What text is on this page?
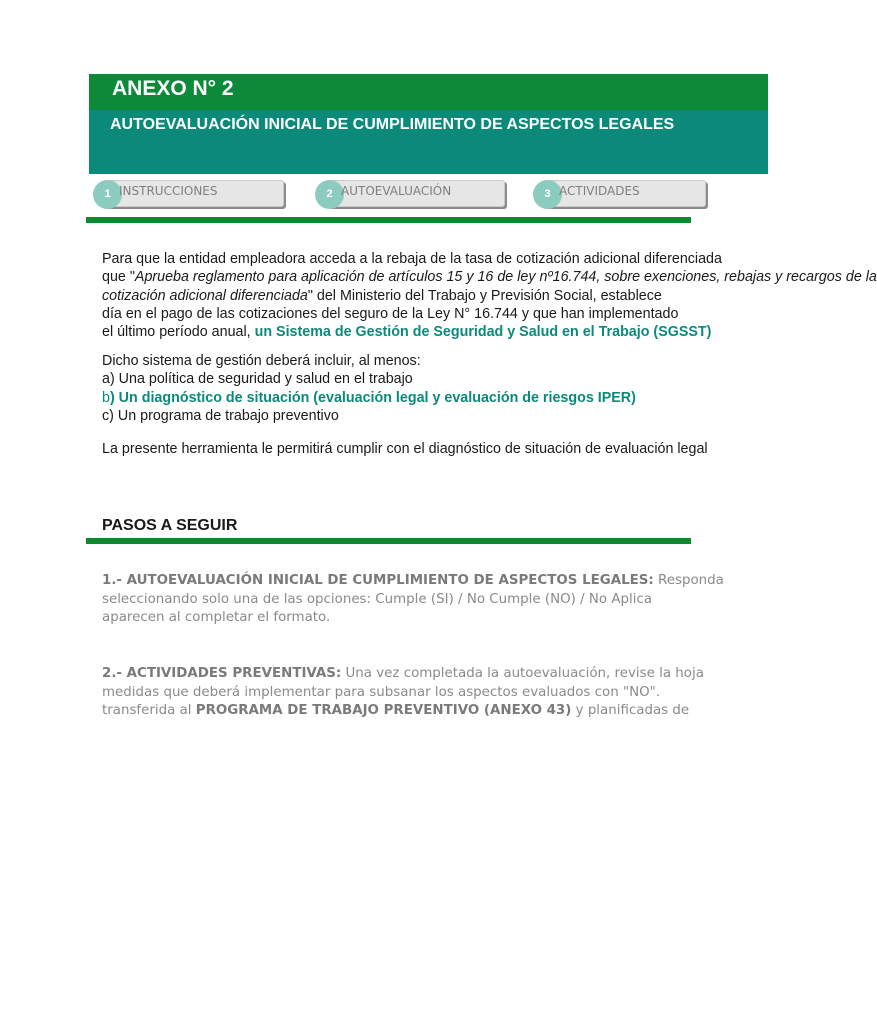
ANEXO N° 2
AUTOEVALUACIÓN INICIAL DE CUMPLIMIENTO DE ASPECTOS LEGALES
1 INSTRUCCIONES	2 AUTOEVALUACIÓN	3 ACTIVIDADES
Para que la entidad empleadora acceda a la rebaja de la tasa de cotización adicional diferenciada
que "Aprueba reglamento para aplicación de artículos 15 y 16 de ley nº16.744, sobre exenciones, rebajas y recargos de la
cotización adicional diferenciada" del Ministerio del Trabajo y Previsión Social, establece
día en el pago de las cotizaciones del seguro de la Ley N° 16.744 y que han implementado
el último período anual, un Sistema de Gestión de Seguridad y Salud en el Trabajo (SGSST)
Dicho sistema de gestión deberá incluir, al menos:
a) Una política de seguridad y salud en el trabajo
b) Un diagnóstico de situación (evaluación legal y evaluación de riesgos IPER)
c) Un programa de trabajo preventivo
La presente herramienta le permitirá cumplir con el diagnóstico de situación de evaluación legal
PASOS A SEGUIR
1.- AUTOEVALUACIÓN INICIAL DE CUMPLIMIENTO DE ASPECTOS LEGALES: Responda
seleccionando solo una de las opciones: Cumple (SI) / No Cumple (NO) / No Aplica
aparecen al completar el formato.
2.- ACTIVIDADES PREVENTIVAS: Una vez completada la autoevaluación, revise la hoja
medidas que deberá implementar para subsanar los aspectos evaluados con "NO".
transferida al PROGRAMA DE TRABAJO PREVENTIVO (ANEXO 43) y planificadas de
